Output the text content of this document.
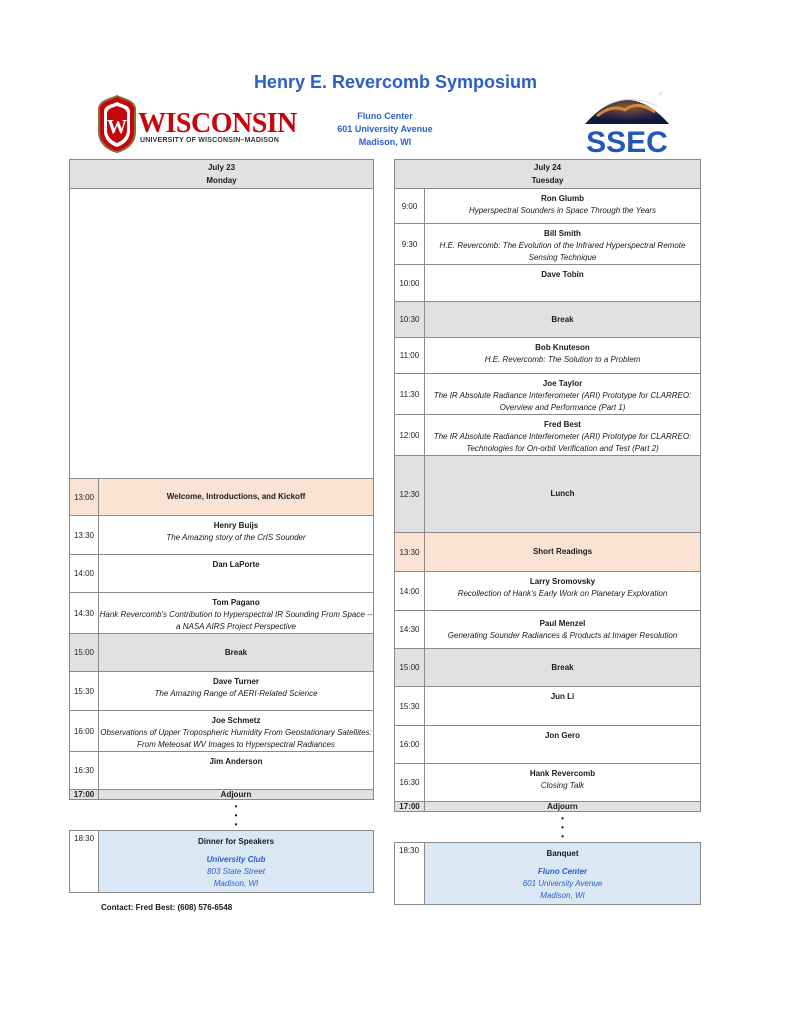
Henry E. Revercomb Symposium
Fluno Center
601 University Avenue
Madison, WI
W WISCONSIN
UNIVERSITY OF WISCONSIN–MADISON	SSEC
July 23
Monday	

13:00	Welcome, Introductions, and Kickoff

13:30	Henry Buijs
The Amazing story of the CrIS Sounder

14:00	Dan LaPorte

14:30	Tom Pagano
Hank Revercomb's Contribution to Hyperspectral IR Sounding From Space -- a NASA AIRS Project Perspective

15:00	Break

15:30	Dave Turner
The Amazing Range of AERI-Related Science

16:00	Joe Schmetz
Observations of Upper Tropospheric Humidity From Geostationary Satellites: From Meteosat WV Images to Hyperspectral Radiances

16:30	Jim Anderson

17:00	Adjourn
	•
•
•
18:30	Dinner for Speakers
University Club
803 State Street
Madison, WI
July 24
Tuesday	

9:00	Ron Glumb
Hyperspectral Sounders in Space Through the Years

9:30	Bill Smith
H.E. Revercomb: The Evolution of the Infrared Hyperspectral Remote Sensing Technique

10:00	Dave Tobin

10:30	Break

11:00	Bob Knuteson
H.E. Revercomb: The Solution to a Problem

11:30	Joe Taylor
The IR Absolute Radiance Interferometer (ARI) Prototype for CLARREO: Overview and Performance (Part 1)

12:00	Fred Best
The IR Absolute Radiance Interferometer (ARI) Prototype for CLARREO: Technologies for On-orbit Verification and Test (Part 2)

12:30	Lunch

13:30	Short Readings

14:00	Larry Sromovsky
Recollection of Hank's Early Work on Planetary Exploration

14:30	Paul Menzel
Generating Sounder Radiances & Products at Imager Resolution

15:00	Break

15:30	Jun Li

16:00	Jon Gero

16:30	Hank Revercomb
Closing Talk

17:00	Adjourn
	•
•
•
18:30	Banquet
Fluno Center
601 University Avenue
Madison, WI
Contact: Fred Best: (608) 576-6548
